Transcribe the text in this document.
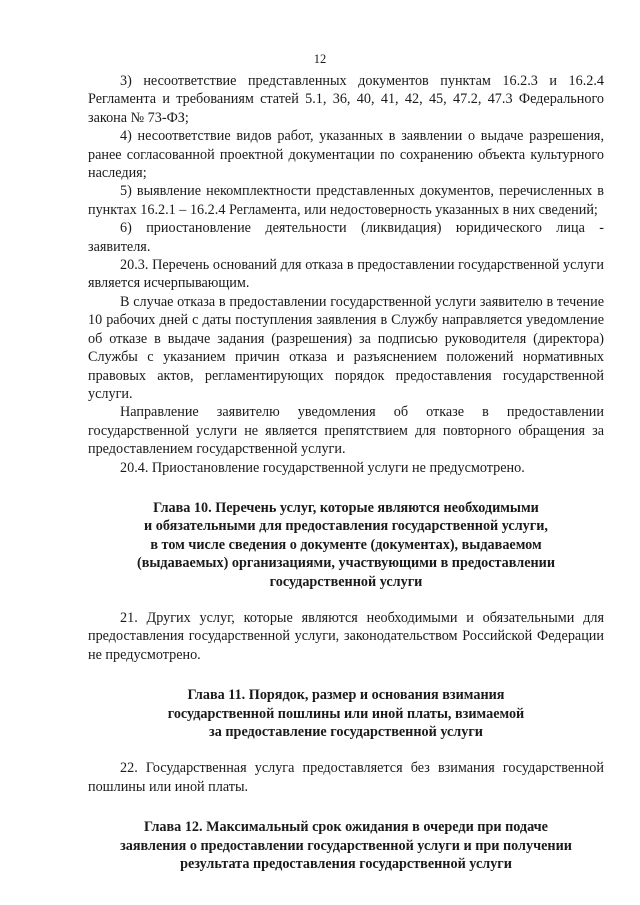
12

3) несоответствие представленных документов пунктам 16.2.3 и 16.2.4 Регламента и требованиям статей 5.1, 36, 40, 41, 42, 45, 47.2, 47.3 Федерального закона № 73-ФЗ;

4) несоответствие видов работ, указанных в заявлении о выдаче разрешения, ранее согласованной проектной документации по сохранению объекта культурного наследия;

5) выявление некомплектности представленных документов, перечисленных в пунктах 16.2.1 – 16.2.4 Регламента, или недостоверность указанных в них сведений;

6) приостановление деятельности (ликвидация) юридического лица - заявителя.

20.3. Перечень оснований для отказа в предоставлении государственной услуги является исчерпывающим.

В случае отказа в предоставлении государственной услуги заявителю в течение 10 рабочих дней с даты поступления заявления в Службу направляется уведомление об отказе в выдаче задания (разрешения) за подписью руководителя (директора) Службы с указанием причин отказа и разъяснением положений нормативных правовых актов, регламентирующих порядок предоставления государственной услуги.

Направление заявителю уведомления об отказе в предоставлении государственной услуги не является препятствием для повторного обращения за предоставлением государственной услуги.

20.4. Приостановление государственной услуги не предусмотрено.

Глава 10. Перечень услуг, которые являются необходимыми
и обязательными для предоставления государственной услуги,
в том числе сведения о документе (документах), выдаваемом
(выдаваемых) организациями, участвующими в предоставлении
государственной услуги

21. Других услуг, которые являются необходимыми и обязательными для предоставления государственной услуги, законодательством Российской Федерации не предусмотрено.

Глава 11. Порядок, размер и основания взимания
государственной пошлины или иной платы, взимаемой
за предоставление государственной услуги

22. Государственная услуга предоставляется без взимания государственной пошлины или иной платы.

Глава 12. Максимальный срок ожидания в очереди при подаче
заявления о предоставлении государственной услуги и при получении
результата предоставления государственной услуги
